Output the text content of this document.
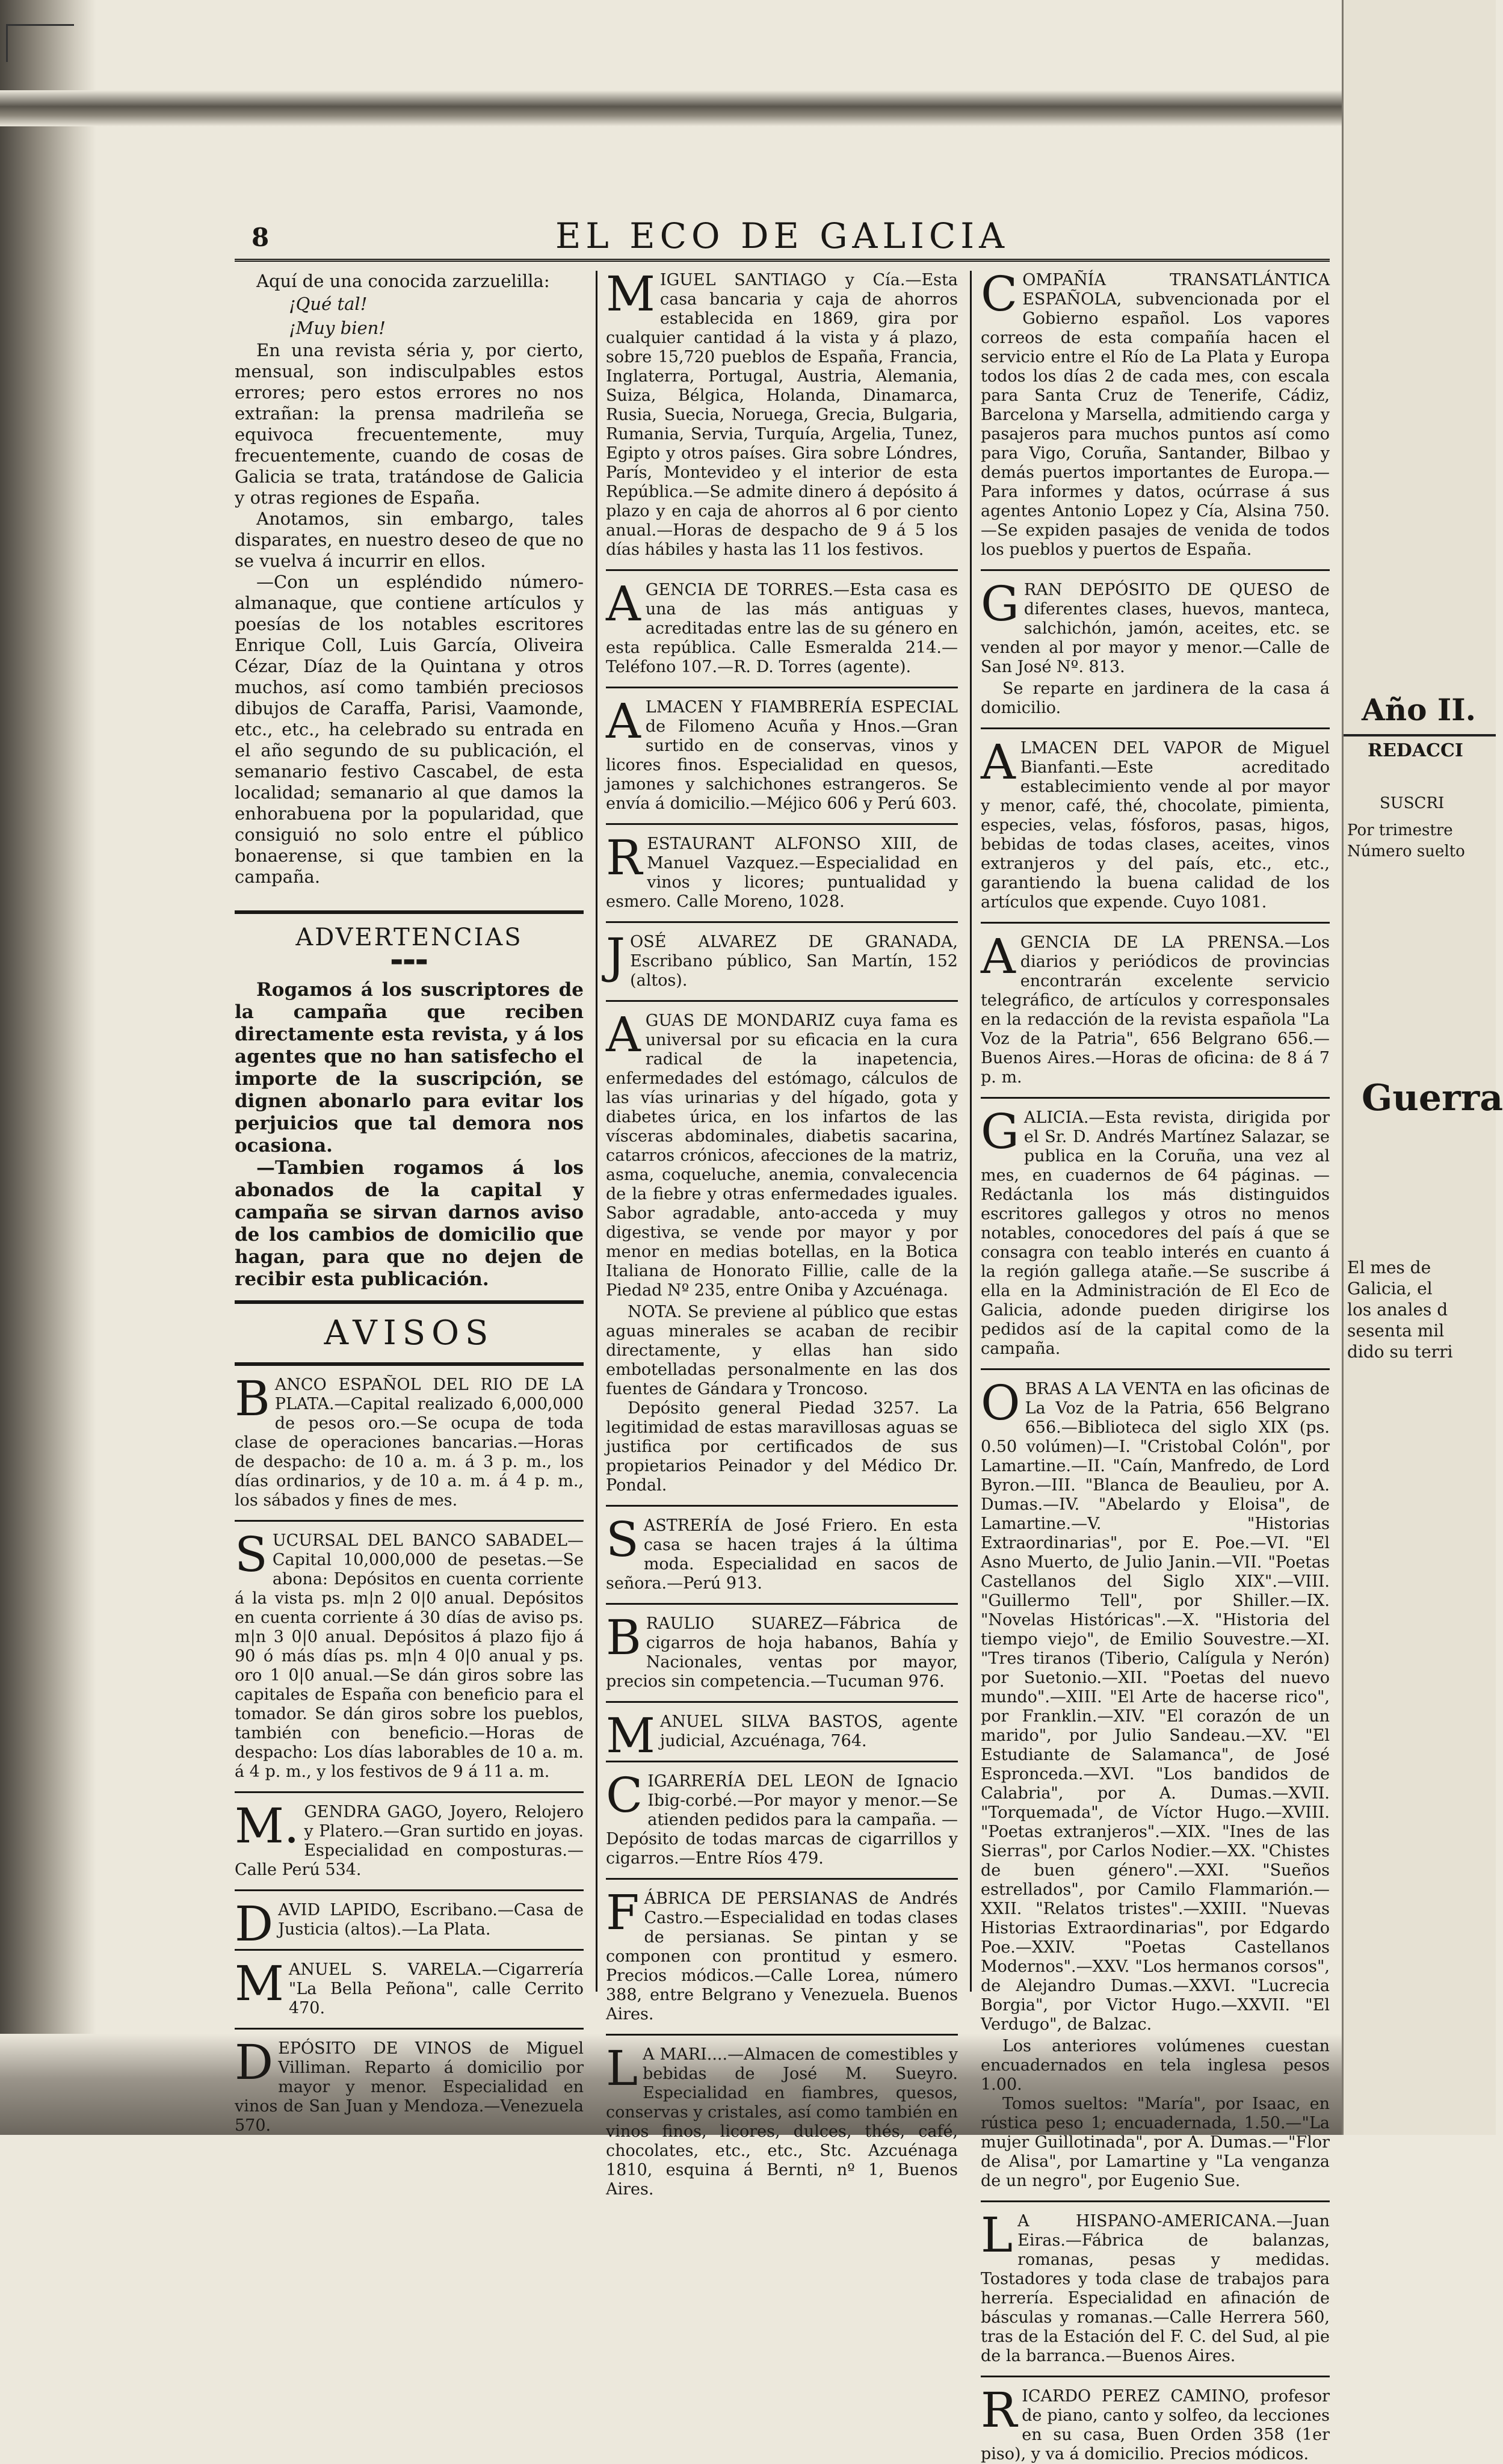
Año II.
REDACCI
SUSCRI
Por trimestre
Número suelto
Guerra
El mes de
Galicia, el
los anales d
sesenta mil
dido su terri
8	EL ECO DE GALICIA

Aquí de una conocida zarzuelilla:

¡Qué tal!
¡Muy bien!

En una revista séria y, por cierto, mensual, son indisculpables estos errores; pero estos errores no nos extrañan: la prensa madrileña se equivoca frecuentemente, muy frecuentemente, cuando de cosas de Galicia se trata, tratándose de Galicia y otras regiones de España.

Anotamos, sin embargo, tales disparates, en nuestro deseo de que no se vuelva á incurrir en ellos.

—Con un espléndido número-almanaque, que contiene artículos y poesías de los notables escritores Enrique Coll, Luis García, Oliveira Cézar, Díaz de la Quintana y otros muchos, así como también preciosos dibujos de Caraffa, Parisi, Vaamonde, etc., etc., ha celebrado su entrada en el año segundo de su publicación, el semanario festivo Cascabel, de esta localidad; semanario al que damos la enhorabuena por la popularidad, que consiguió no solo entre el público bonaerense, si que tambien en la campaña.

ADVERTENCIAS
▬▬▬

Rogamos á los suscriptores de la campaña que reciben directamente esta revista, y á los agentes que no han satisfecho el importe de la suscripción, se dignen abonarlo para evitar los perjuicios que tal demora nos ocasiona.

—Tambien rogamos á los abonados de la capital y campaña se sirvan darnos aviso de los cambios de domicilio que hagan, para que no dejen de recibir esta publicación.

AVISOS

BANCO ESPAÑOL DEL RIO DE LA PLATA.—Capital realizado 6,000,000 de pesos oro.—Se ocupa de toda clase de operaciones bancarias.—Horas de despacho: de 10 a. m. á 3 p. m., los días ordinarios, y de 10 a. m. á 4 p. m., los sábados y fines de mes.

SUCURSAL DEL BANCO SABADEL—Capital 10,000,000 de pesetas.—Se abona: Depósitos en cuenta corriente á la vista ps. m|n 2 0|0 anual. Depósitos en cuenta corriente á 30 días de aviso ps. m|n 3 0|0 anual. Depósitos á plazo fijo á 90 ó más días ps. m|n 4 0|0 anual y ps. oro 1 0|0 anual.—Se dán giros sobre las capitales de España con beneficio para el tomador. Se dán giros sobre los pueblos, también con beneficio.—Horas de despacho: Los días laborables de 10 a. m. á 4 p. m., y los festivos de 9 á 11 a. m.

M.GENDRA GAGO, Joyero, Relojero y Platero.—Gran surtido en joyas. Especialidad en composturas.—Calle Perú 534.

DAVID LAPIDO, Escribano.—Casa de Justicia (altos).—La Plata.

MANUEL S. VARELA.—Cigarrería "La Bella Peñona", calle Cerrito 470.

DEPÓSITO DE VINOS de Miguel Villiman. Reparto á domicilio por mayor y menor. Especialidad en vinos de San Juan y Mendoza.—Venezuela 570.

MIGUEL SANTIAGO y Cía.—Esta casa bancaria y caja de ahorros establecida en 1869, gira por cualquier cantidad á la vista y á plazo, sobre 15,720 pueblos de España, Francia, Inglaterra, Portugal, Austria, Alemania, Suiza, Bélgica, Holanda, Dinamarca, Rusia, Suecia, Noruega, Grecia, Bulgaria, Rumania, Servia, Turquía, Argelia, Tunez, Egipto y otros países. Gira sobre Lóndres, París, Montevideo y el interior de esta República.—Se admite dinero á depósito á plazo y en caja de ahorros al 6 por ciento anual.—Horas de despacho de 9 á 5 los días hábiles y hasta las 11 los festivos.

AGENCIA DE TORRES.—Esta casa es una de las más antiguas y acreditadas entre las de su género en esta república. Calle Esmeralda 214.—Teléfono 107.—R. D. Torres (agente).

ALMACEN Y FIAMBRERÍA ESPECIAL de Filomeno Acuña y Hnos.—Gran surtido en de conservas, vinos y licores finos. Especialidad en quesos, jamones y salchichones estrangeros. Se envía á domicilio.—Méjico 606 y Perú 603.

RESTAURANT ALFONSO XIII, de Manuel Vazquez.—Especialidad en vinos y licores; puntualidad y esmero. Calle Moreno, 1028.

JOSÉ ALVAREZ DE GRANADA, Escribano público, San Martín, 152 (altos).

AGUAS DE MONDARIZ cuya fama es universal por su eficacia en la cura radical de la inapetencia, enfermedades del estómago, cálculos de las vías urinarias y del hígado, gota y diabetes úrica, en los infartos de las vísceras abdominales, diabetis sacarina, catarros crónicos, afecciones de la matriz, asma, coqueluche, anemia, convalecencia de la fiebre y otras enfermedades iguales. Sabor agradable, anto-acceda y muy digestiva, se vende por mayor y por menor en medias botellas, en la Botica Italiana de Honorato Fillie, calle de la Piedad Nº 235, entre Oniba y Azcuénaga.

NOTA. Se previene al público que estas aguas minerales se acaban de recibir directamente, y ellas han sido embotelladas personalmente en las dos fuentes de Gándara y Troncoso.

Depósito general Piedad 3257. La legitimidad de estas maravillosas aguas se justifica por certificados de sus propietarios Peinador y del Médico Dr. Pondal.

SASTRERÍA de José Friero. En esta casa se hacen trajes á la última moda. Especialidad en sacos de señora.—Perú 913.

BRAULIO SUAREZ—Fábrica de cigarros de hoja habanos, Bahía y Nacionales, ventas por mayor, precios sin competencia.—Tucuman 976.

MANUEL SILVA BASTOS, agente judicial, Azcuénaga, 764.

CIGARRERÍA DEL LEON de Ignacio Ibig-corbé.—Por mayor y menor.—Se atienden pedidos para la campaña. — Depósito de todas marcas de cigarrillos y cigarros.—Entre Ríos 479.

FÁBRICA DE PERSIANAS de Andrés Castro.—Especialidad en todas clases de persianas. Se pintan y se componen con prontitud y esmero. Precios módicos.—Calle Lorea, número 388, entre Belgrano y Venezuela. Buenos Aires.

LA MARI....—Almacen de comestibles y bebidas de José M. Sueyro. Especialidad en fiambres, quesos, conservas y cristales, así como también en vinos finos, licores, dulces, thés, café, chocolates, etc., etc., Stc. Azcuénaga 1810, esquina á Bernti, nº 1, Buenos Aires.

COMPAÑÍA TRANSATLÁNTICA ESPAÑOLA, subvencionada por el Gobierno español. Los vapores correos de esta compañía hacen el servicio entre el Río de La Plata y Europa todos los días 2 de cada mes, con escala para Santa Cruz de Tenerife, Cádiz, Barcelona y Marsella, admitiendo carga y pasajeros para muchos puntos así como para Vigo, Coruña, Santander, Bilbao y demás puertos importantes de Europa.—Para informes y datos, ocúrrase á sus agentes Antonio Lopez y Cía, Alsina 750.—Se expiden pasajes de venida de todos los pueblos y puertos de España.

GRAN DEPÓSITO DE QUESO de diferentes clases, huevos, manteca, salchichón, jamón, aceites, etc. se venden al por mayor y menor.—Calle de San José Nº. 813.

Se reparte en jardinera de la casa á domicilio.

ALMACEN DEL VAPOR de Miguel Bianfanti.—Este acreditado establecimiento vende al por mayor y menor, café, thé, chocolate, pimienta, especies, velas, fósforos, pasas, higos, bebidas de todas clases, aceites, vinos extranjeros y del país, etc., etc., garantiendo la buena calidad de los artículos que expende. Cuyo 1081.

AGENCIA DE LA PRENSA.—Los diarios y periódicos de provincias encontrarán excelente servicio telegráfico, de artículos y corresponsales en la redacción de la revista española "La Voz de la Patria", 656 Belgrano 656.—Buenos Aires.—Horas de oficina: de 8 á 7 p. m.

GALICIA.—Esta revista, dirigida por el Sr. D. Andrés Martínez Salazar, se publica en la Coruña, una vez al mes, en cuadernos de 64 páginas. — Redáctanla los más distinguidos escritores gallegos y otros no menos notables, conocedores del país á que se consagra con teablo interés en cuanto á la región gallega atañe.—Se suscribe á ella en la Administración de El Eco de Galicia, adonde pueden dirigirse los pedidos así de la capital como de la campaña.

OBRAS A LA VENTA en las oficinas de La Voz de la Patria, 656 Belgrano 656.—Biblioteca del siglo XIX (ps. 0.50 volúmen)—I. "Cristobal Colón", por Lamartine.—II. "Caín, Manfredo, de Lord Byron.—III. "Blanca de Beaulieu, por A. Dumas.—IV. "Abelardo y Eloisa", de Lamartine.—V. "Historias Extraordinarias", por E. Poe.—VI. "El Asno Muerto, de Julio Janin.—VII. "Poetas Castellanos del Siglo XIX".—VIII. "Guillermo Tell", por Shiller.—IX. "Novelas Históricas".—X. "Historia del tiempo viejo", de Emilio Souvestre.—XI. "Tres tiranos (Tiberio, Calígula y Nerón) por Suetonio.—XII. "Poetas del nuevo mundo".—XIII. "El Arte de hacerse rico", por Franklin.—XIV. "El corazón de un marido", por Julio Sandeau.—XV. "El Estudiante de Salamanca", de José Espronceda.—XVI. "Los bandidos de Calabria", por A. Dumas.—XVII. "Torquemada", de Víctor Hugo.—XVIII. "Poetas extranjeros".—XIX. "Ines de las Sierras", por Carlos Nodier.—XX. "Chistes de buen género".—XXI. "Sueños estrellados", por Camilo Flammarión.—XXII. "Relatos tristes".—XXIII. "Nuevas Historias Extraordinarias", por Edgardo Poe.—XXIV. "Poetas Castellanos Modernos".—XXV. "Los hermanos corsos", de Alejandro Dumas.—XXVI. "Lucrecia Borgia", por Victor Hugo.—XXVII. "El Verdugo", de Balzac.

Los anteriores volúmenes cuestan encuadernados en tela inglesa pesos 1.00.

Tomos sueltos: "María", por Isaac, en rústica peso 1; encuadernada, 1.50.—"La mujer Guillotinada", por A. Dumas.—"Flor de Alisa", por Lamartine y "La venganza de un negro", por Eugenio Sue.

LA HISPANO-AMERICANA.—Juan Eiras.—Fábrica de balanzas, romanas, pesas y medidas. Tostadores y toda clase de trabajos para herrería. Especialidad en afinación de básculas y romanas.—Calle Herrera 560, tras de la Estación del F. C. del Sud, al pie de la barranca.—Buenos Aires.

RICARDO PEREZ CAMINO, profesor de piano, canto y solfeo, da lecciones en su casa, Buen Orden 358 (1er piso), y va á domicilio. Precios módicos.
